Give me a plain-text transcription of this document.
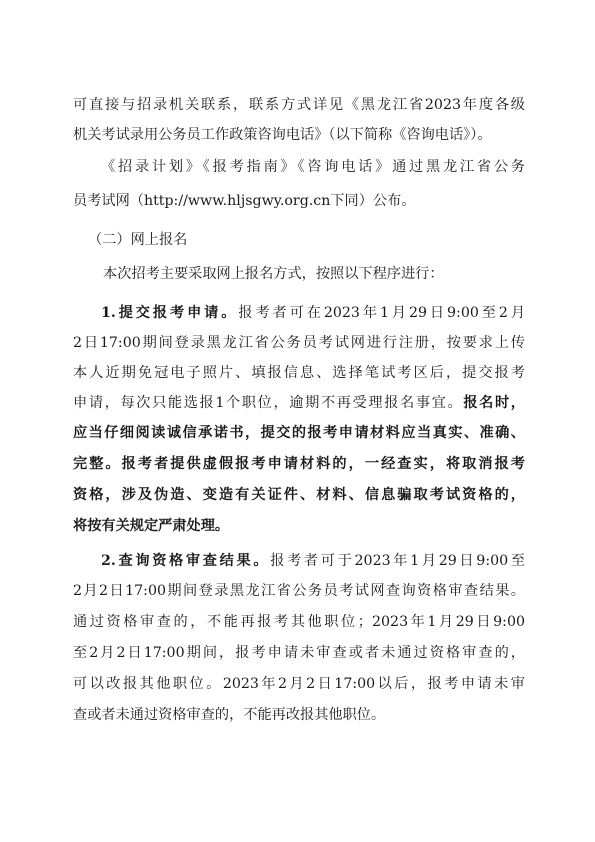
可直接与招录机关联系，联系方式详见《黑龙江省2023年度各级
机关考试录用公务员工作政策咨询电话》（以下简称《咨询电话》）。
《招录计划》《报考指南》《咨询电话》通过黑龙江省公务
员考试网（http://www.hljsgwy.org.cn下同）公布。
（二）网上报名
本次招考主要采取网上报名方式，按照以下程序进行：
1.提交报考申请。报考者可在2023年1月29日9:00至2月
2日17:00期间登录黑龙江省公务员考试网进行注册，按要求上传
本人近期免冠电子照片、填报信息、选择笔试考区后，提交报考
申请，每次只能选报1个职位，逾期不再受理报名事宜。报名时，
应当仔细阅读诚信承诺书，提交的报考申请材料应当真实、准确、
完整。报考者提供虚假报考申请材料的，一经查实，将取消报考
资格，涉及伪造、变造有关证件、材料、信息骗取考试资格的，
将按有关规定严肃处理。
2.查询资格审查结果。报考者可于2023年1月29日9:00至
2月2日17:00期间登录黑龙江省公务员考试网查询资格审查结果。
通过资格审查的，不能再报考其他职位；2023年1月29日9:00
至2月2日17:00期间，报考申请未审查或者未通过资格审查的，
可以改报其他职位。2023年2月2日17:00以后，报考申请未审
查或者未通过资格审查的，不能再改报其他职位。
